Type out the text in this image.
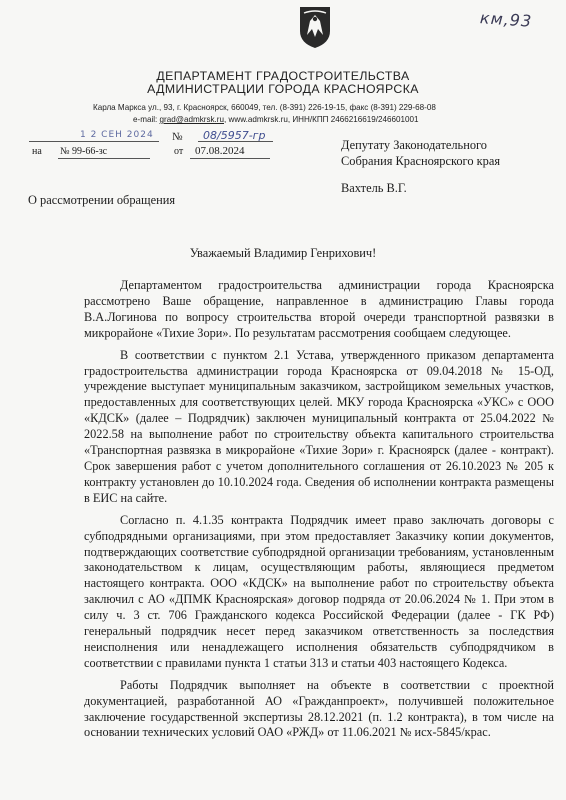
км,93
ДЕПАРТАМЕНТ ГРАДОСТРОИТЕЛЬСТВА
АДМИНИСТРАЦИИ ГОРОДА КРАСНОЯРСКА
Карла Маркса ул., 93, г. Красноярск, 660049, тел. (8-391) 226-19-15, факс (8-391) 229-68-08
e-mail: grad@admkrsk.ru, www.admkrsk.ru, ИНН/КПП 2466216619/246601001
1 2 СЕН 2024 № 08/5957-гр
на № 99-66-зс	от 07.08.2024	Депутату Законодательного
Собрания Красноярского края
Вахтель В.Г.
О рассмотрении обращения
Уважаемый Владимир Генрихович!

Департаментом градостроительства администрации города Красноярска рассмотрено Ваше обращение, направленное в администрацию Главы города В.А.Логинова по вопросу строительства второй очереди транспортной развязки в микрорайоне «Тихие Зори». По результатам рассмотрения сообщаем следующее.

В соответствии с пунктом 2.1 Устава, утвержденного приказом департамента градостроительства администрации города Красноярска от 09.04.2018 № 15-ОД, учреждение выступает муниципальным заказчиком, застройщиком земельных участков, предоставленных для соответствующих целей. МКУ города Красноярска «УКС» с ООО «КДСК» (далее – Подрядчик) заключен муниципальный контракта от 25.04.2022 № 2022.58 на выполнение работ по строительству объекта капитального строительства «Транспортная развязка в микрорайоне «Тихие Зори» г. Красноярск (далее - контракт). Срок завершения работ с учетом дополнительного соглашения от 26.10.2023 № 205 к контракту установлен до 10.10.2024 года. Сведения об исполнении контракта размещены в ЕИС на сайте.

Согласно п. 4.1.35 контракта Подрядчик имеет право заключать договоры с субподрядными организациями, при этом предоставляет Заказчику копии документов, подтверждающих соответствие субподрядной организации требованиям, установленным законодательством к лицам, осуществляющим работы, являющиеся предметом настоящего контракта. ООО «КДСК» на выполнение работ по строительству объекта заключил с АО «ДПМК Красноярская» договор подряда от 20.06.2024 № 1. При этом в силу ч. 3 ст. 706 Гражданского кодекса Российской Федерации (далее - ГК РФ) генеральный подрядчик несет перед заказчиком ответственность за последствия неисполнения или ненадлежащего исполнения обязательств субподрядчиком в соответствии с правилами пункта 1 статьи 313 и статьи 403 настоящего Кодекса.

Работы Подрядчик выполняет на объекте в соответствии с проектной документацией, разработанной АО «Гражданпроект», получившей положительное заключение государственной экспертизы 28.12.2021 (п. 1.2 контракта), в том числе на основании технических условий ОАО «РЖД» от 11.06.2021 № исх-5845/крас.
